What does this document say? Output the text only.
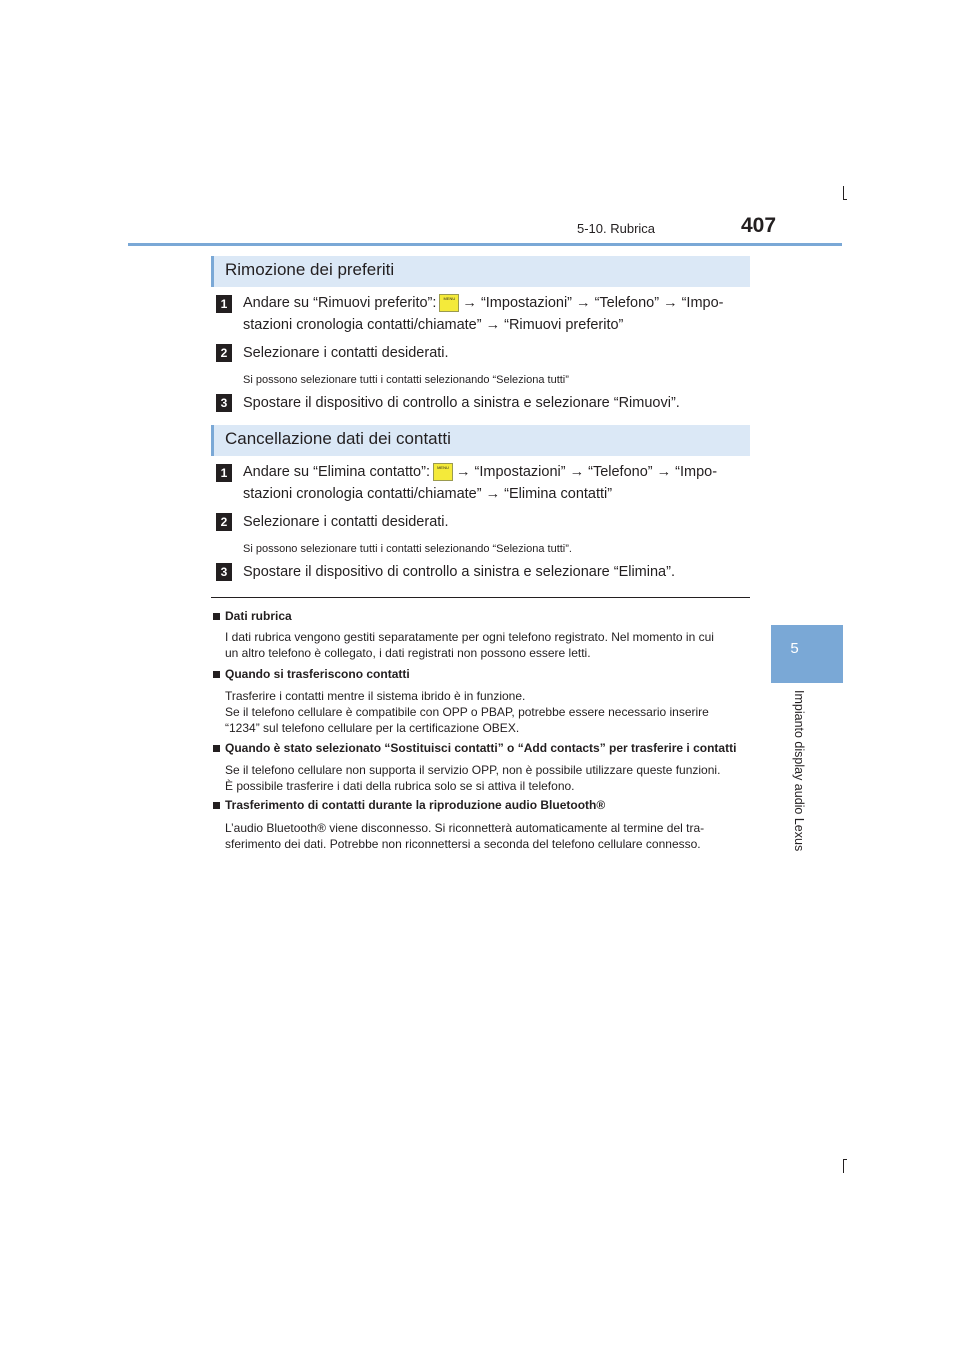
5-10. Rubrica	407
5
Impianto display audio Lexus
Rimozione dei preferiti
1	Andare su “Rimuovi preferito”: MENU → “Impostazioni” → “Telefono” → “Impo-
stazioni cronologia contatti/chiamate” → “Rimuovi preferito”
2	Selezionare i contatti desiderati.
Si possono selezionare tutti i contatti selezionando “Seleziona tutti”
3	Spostare il dispositivo di controllo a sinistra e selezionare “Rimuovi”.
Cancellazione dati dei contatti
1	Andare su “Elimina contatto”: MENU → “Impostazioni” → “Telefono” → “Impo-
stazioni cronologia contatti/chiamate” → “Elimina contatti”
2	Selezionare i contatti desiderati.
Si possono selezionare tutti i contatti selezionando “Seleziona tutti”.
3	Spostare il dispositivo di controllo a sinistra e selezionare “Elimina”.
Dati rubrica
I dati rubrica vengono gestiti separatamente per ogni telefono registrato. Nel momento in cui
un altro telefono è collegato, i dati registrati non possono essere letti.
Quando si trasferiscono contatti
Trasferire i contatti mentre il sistema ibrido è in funzione.
Se il telefono cellulare è compatibile con OPP o PBAP, potrebbe essere necessario inserire
“1234” sul telefono cellulare per la certificazione OBEX.
Quando è stato selezionato “Sostituisci contatti” o “Add contacts” per trasferire i contatti
Se il telefono cellulare non supporta il servizio OPP, non è possibile utilizzare queste funzioni.
È possibile trasferire i dati della rubrica solo se si attiva il telefono.
Trasferimento di contatti durante la riproduzione audio Bluetooth®
L’audio Bluetooth® viene disconnesso. Si riconnetterà automaticamente al termine del tra-
sferimento dei dati. Potrebbe non riconnettersi a seconda del telefono cellulare connesso.
